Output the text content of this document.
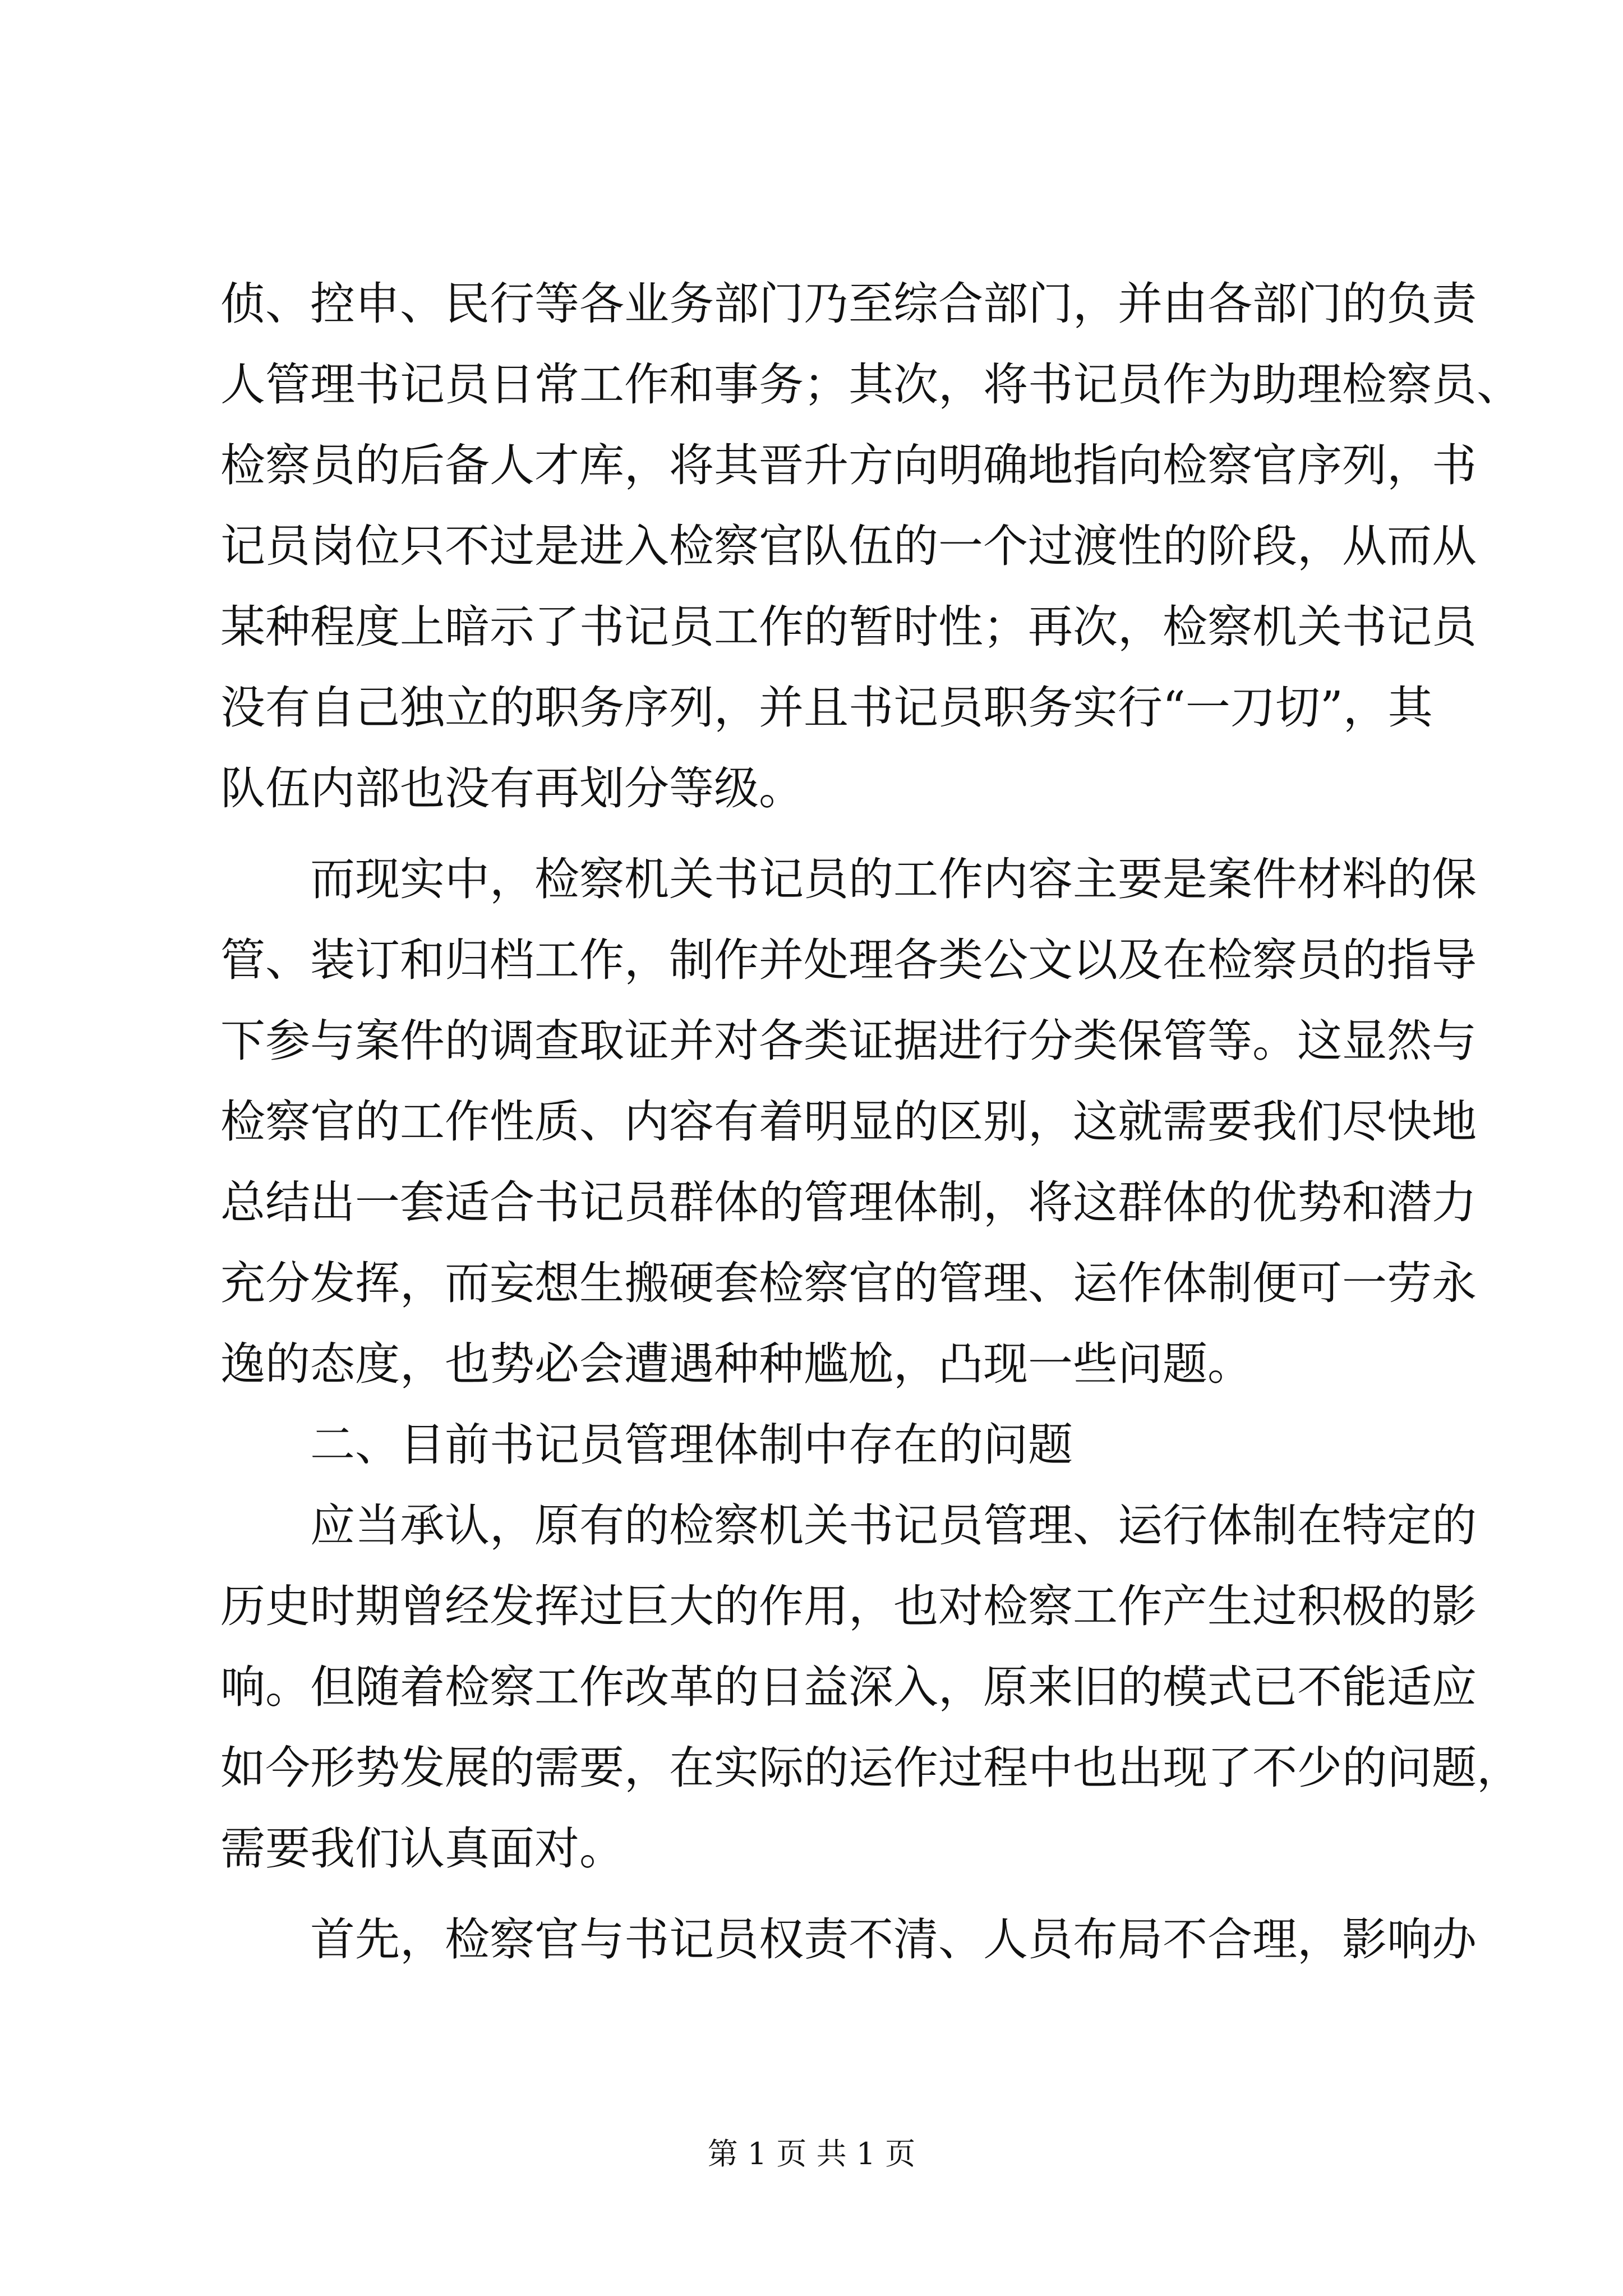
侦、控申、民行等各业务部门乃至综合部门，并由各部门的负责
人管理书记员日常工作和事务；其次，将书记员作为助理检察员、
检察员的后备人才库，将其晋升方向明确地指向检察官序列，书
记员岗位只不过是进入检察官队伍的一个过渡性的阶段，从而从
某种程度上暗示了书记员工作的暂时性；再次，检察机关书记员
没有自己独立的职务序列，并且书记员职务实行“一刀切”，其
队伍内部也没有再划分等级。
而现实中，检察机关书记员的工作内容主要是案件材料的保
管、装订和归档工作，制作并处理各类公文以及在检察员的指导
下参与案件的调查取证并对各类证据进行分类保管等。这显然与
检察官的工作性质、内容有着明显的区别，这就需要我们尽快地
总结出一套适合书记员群体的管理体制，将这群体的优势和潜力
充分发挥，而妄想生搬硬套检察官的管理、运作体制便可一劳永
逸的态度，也势必会遭遇种种尴尬，凸现一些问题。
二、目前书记员管理体制中存在的问题
应当承认，原有的检察机关书记员管理、运行体制在特定的
历史时期曾经发挥过巨大的作用，也对检察工作产生过积极的影
响。但随着检察工作改革的日益深入，原来旧的模式已不能适应
如今形势发展的需要，在实际的运作过程中也出现了不少的问题，
需要我们认真面对。
首先，检察官与书记员权责不清、人员布局不合理，影响办
第 1 页 共 1 页
